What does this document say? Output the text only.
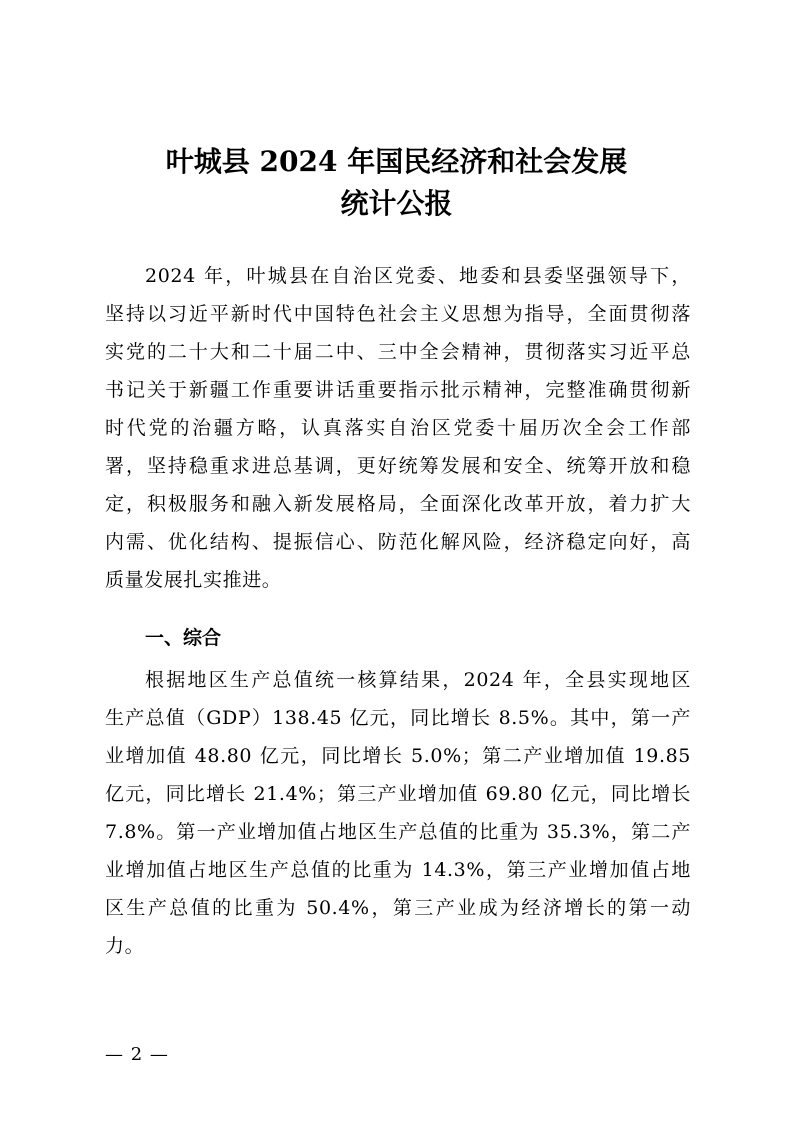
叶城县 2024 年国民经济和社会发展
统计公报
2024 年，叶城县在自治区党委、地委和县委坚强领导下，
坚持以习近平新时代中国特色社会主义思想为指导，全面贯彻落
实党的二十大和二十届二中、三中全会精神，贯彻落实习近平总
书记关于新疆工作重要讲话重要指示批示精神，完整准确贯彻新
时代党的治疆方略，认真落实自治区党委十届历次全会工作部
署，坚持稳重求进总基调，更好统筹发展和安全、统筹开放和稳
定，积极服务和融入新发展格局，全面深化改革开放，着力扩大
内需、优化结构、提振信心、防范化解风险，经济稳定向好，高
质量发展扎实推进。
一、综合
根据地区生产总值统一核算结果，2024 年，全县实现地区
生产总值（GDP）138.45 亿元，同比增长 8.5%。其中，第一产
业增加值 48.80 亿元，同比增长 5.0%；第二产业增加值 19.85
亿元，同比增长 21.4%；第三产业增加值 69.80 亿元，同比增长
7.8%。第一产业增加值占地区生产总值的比重为 35.3%，第二产
业增加值占地区生产总值的比重为 14.3%，第三产业增加值占地
区生产总值的比重为 50.4%，第三产业成为经济增长的第一动
力。
— 2 —
